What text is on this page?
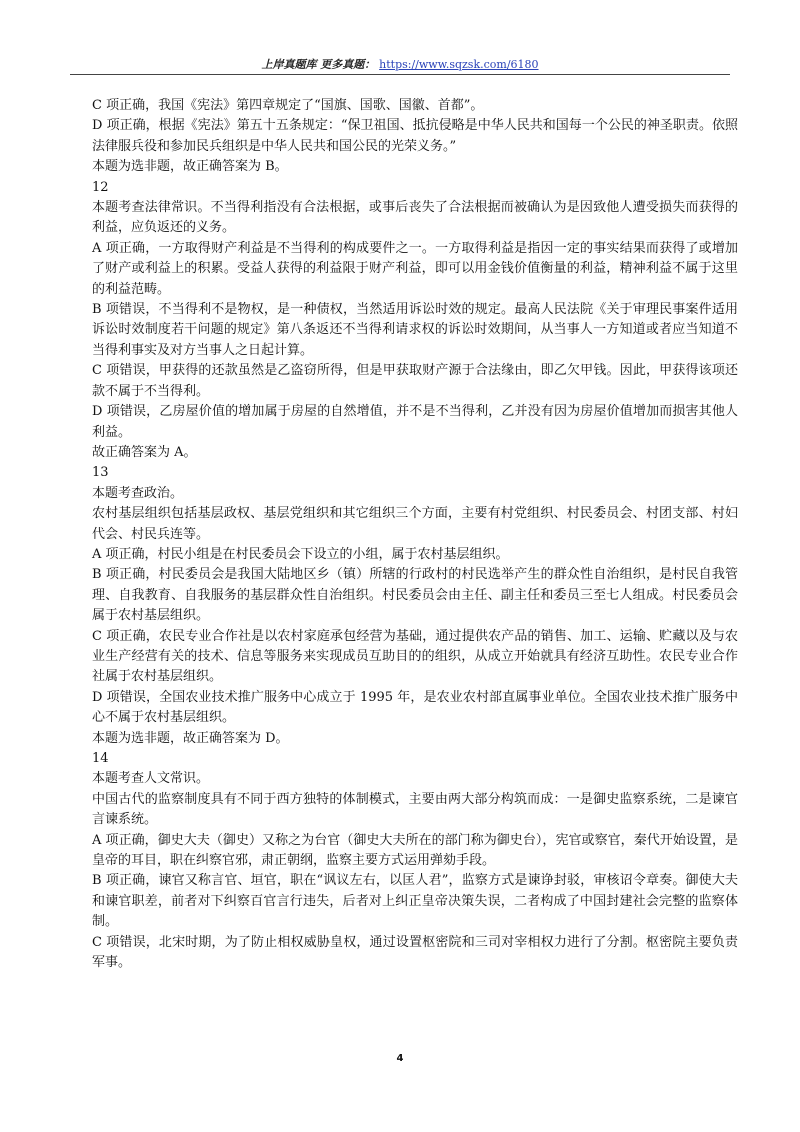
上岸真题库 更多真题： https://www.sqzsk.com/6180

C 项正确，我国《宪法》第四章规定了“国旗、国歌、国徽、首都”。

D 项正确，根据《宪法》第五十五条规定：“保卫祖国、抵抗侵略是中华人民共和国每一个公民的神圣职责。依照法律服兵役和参加民兵组织是中华人民共和国公民的光荣义务。”

本题为选非题，故正确答案为 B。

12

本题考查法律常识。不当得利指没有合法根据，或事后丧失了合法根据而被确认为是因致他人遭受损失而获得的利益，应负返还的义务。

A 项正确，一方取得财产利益是不当得利的构成要件之一。一方取得利益是指因一定的事实结果而获得了或增加了财产或利益上的积累。受益人获得的利益限于财产利益，即可以用金钱价值衡量的利益，精神利益不属于这里的利益范畴。

B 项错误，不当得利不是物权，是一种债权，当然适用诉讼时效的规定。最高人民法院《关于审理民事案件适用诉讼时效制度若干问题的规定》第八条返还不当得利请求权的诉讼时效期间，从当事人一方知道或者应当知道不当得利事实及对方当事人之日起计算。

C 项错误，甲获得的还款虽然是乙盗窃所得，但是甲获取财产源于合法缘由，即乙欠甲钱。因此，甲获得该项还款不属于不当得利。

D 项错误，乙房屋价值的增加属于房屋的自然增值，并不是不当得利，乙并没有因为房屋价值增加而损害其他人利益。

故正确答案为 A。

13

本题考查政治。

农村基层组织包括基层政权、基层党组织和其它组织三个方面，主要有村党组织、村民委员会、村团支部、村妇代会、村民兵连等。

A 项正确，村民小组是在村民委员会下设立的小组，属于农村基层组织。

B 项正确，村民委员会是我国大陆地区乡（镇）所辖的行政村的村民选举产生的群众性自治组织，是村民自我管理、自我教育、自我服务的基层群众性自治组织。村民委员会由主任、副主任和委员三至七人组成。村民委员会属于农村基层组织。

C 项正确，农民专业合作社是以农村家庭承包经营为基础，通过提供农产品的销售、加工、运输、贮藏以及与农业生产经营有关的技术、信息等服务来实现成员互助目的的组织，从成立开始就具有经济互助性。农民专业合作社属于农村基层组织。

D 项错误，全国农业技术推广服务中心成立于 1995 年，是农业农村部直属事业单位。全国农业技术推广服务中心不属于农村基层组织。

本题为选非题，故正确答案为 D。

14

本题考查人文常识。

中国古代的监察制度具有不同于西方独特的体制模式，主要由两大部分构筑而成：一是御史监察系统，二是谏官言谏系统。

A 项正确，御史大夫（御史）又称之为台官（御史大夫所在的部门称为御史台），宪官或察官，秦代开始设置，是皇帝的耳目，职在纠察官邪，肃正朝纲，监察主要方式运用弹劾手段。

B 项正确，谏官又称言官、垣官，职在“讽议左右，以匡人君”，监察方式是谏诤封驳，审核诏令章奏。御使大夫和谏官职差，前者对下纠察百官言行违失，后者对上纠正皇帝决策失误，二者构成了中国封建社会完整的监察体制。

C 项错误，北宋时期，为了防止相权威胁皇权，通过设置枢密院和三司对宰相权力进行了分割。枢密院主要负责军事。

4
